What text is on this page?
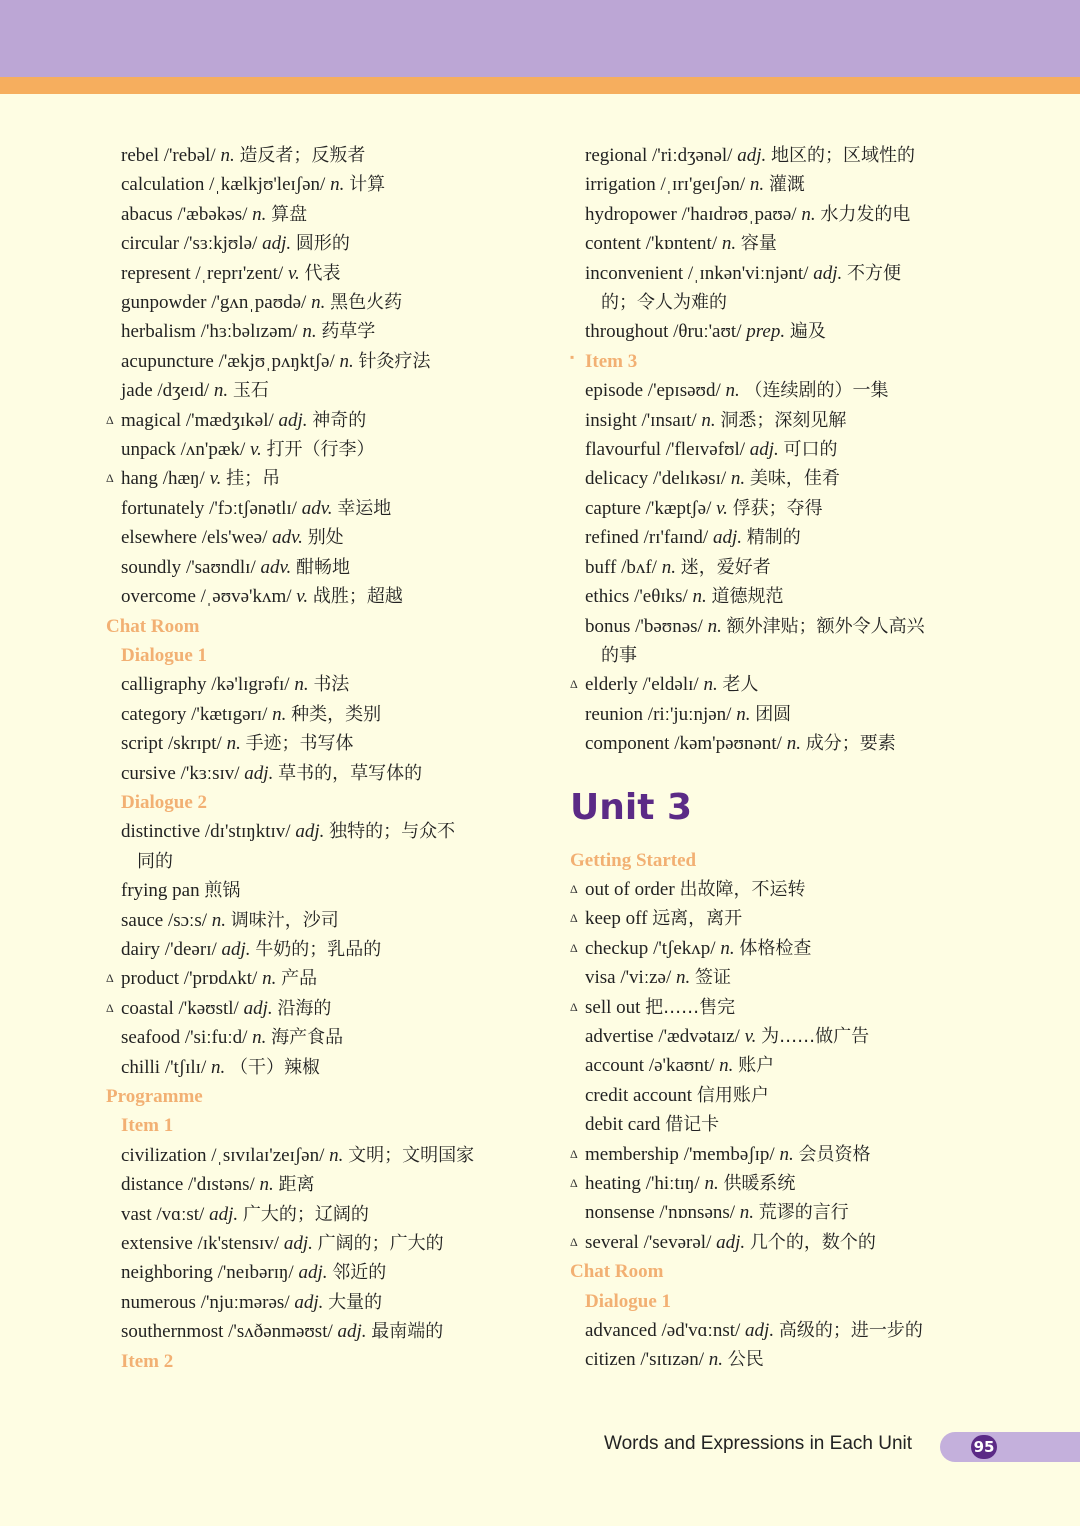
rebel /'rebəl/ n. 造反者；反叛者
calculation /ˌkælkjʊ'leɪʃən/ n. 计算
abacus /'æbəkəs/ n. 算盘
circular /'sɜːkjʊlə/ adj. 圆形的
represent /ˌreprɪ'zent/ v. 代表
gunpowder /'gʌnˌpaʊdə/ n. 黑色火药
herbalism /'hɜːbəlɪzəm/ n. 药草学
acupuncture /'ækjʊˌpʌŋktʃə/ n. 针灸疗法
jade /dʒeɪd/ n. 玉石
Δ magical /'mædʒɪkəl/ adj. 神奇的
unpack /ʌn'pæk/ v. 打开（行李）
Δ hang /hæŋ/ v. 挂；吊
fortunately /'fɔːtʃənətlɪ/ adv. 幸运地
elsewhere /els'weə/ adv. 别处
soundly /'saʊndlɪ/ adv. 酣畅地
overcome /ˌəʊvə'kʌm/ v. 战胜；超越
Chat Room
Dialogue 1
calligraphy /kə'lɪgrəfɪ/ n. 书法
category /'kætɪgərɪ/ n. 种类，类别
script /skrɪpt/ n. 手迹；书写体
cursive /'kɜːsɪv/ adj. 草书的，草写体的
Dialogue 2
distinctive /dɪ'stɪŋktɪv/ adj. 独特的；与众不
同的
frying pan 煎锅
sauce /sɔːs/ n. 调味汁，沙司
dairy /'deərɪ/ adj. 牛奶的；乳品的
Δ product /'prɒdʌkt/ n. 产品
Δ coastal /'kəʊstl/ adj. 沿海的
seafood /'siːfuːd/ n. 海产食品
chilli /'tʃɪlɪ/ n. （干）辣椒
Programme
Item 1
civilization /ˌsɪvɪlaɪ'zeɪʃən/ n. 文明；文明国家
distance /'dɪstəns/ n. 距离
vast /vɑːst/ adj. 广大的；辽阔的
extensive /ɪk'stensɪv/ adj. 广阔的；广大的
neighboring /'neɪbərɪŋ/ adj. 邻近的
numerous /'njuːmərəs/ adj. 大量的
southernmost /'sʌðənməʊst/ adj. 最南端的
Item 2
regional /'riːdʒənəl/ adj. 地区的；区域性的
irrigation /ˌɪrɪ'geɪʃən/ n. 灌溉
hydropower /'haɪdrəʊˌpaʊə/ n. 水力发的电
content /'kɒntent/ n. 容量
inconvenient /ˌɪnkən'viːnjənt/ adj. 不方便
的；令人为难的
throughout /θruː'aʊt/ prep. 遍及
▪ Item 3
episode /'epɪsəʊd/ n. （连续剧的）一集
insight /'ɪnsaɪt/ n. 洞悉；深刻见解
flavourful /'fleɪvəfʊl/ adj. 可口的
delicacy /'delɪkəsɪ/ n. 美味，佳肴
capture /'kæptʃə/ v. 俘获；夺得
refined /rɪ'faɪnd/ adj. 精制的
buff /bʌf/ n. 迷，爱好者
ethics /'eθɪks/ n. 道德规范
bonus /'bəʊnəs/ n. 额外津贴；额外令人高兴
的事
Δ elderly /'eldəlɪ/ n. 老人
reunion /riː'juːnjən/ n. 团圆
component /kəm'pəʊnənt/ n. 成分；要素
Unit 3
Getting Started
Δ out of order 出故障，不运转
Δ keep off 远离，离开
Δ checkup /'tʃekʌp/ n. 体格检查
visa /'viːzə/ n. 签证
Δ sell out 把……售完
advertise /'ædvətaɪz/ v. 为……做广告
account /ə'kaʊnt/ n. 账户
credit account 信用账户
debit card 借记卡
Δ membership /'membəʃɪp/ n. 会员资格
Δ heating /'hiːtɪŋ/ n. 供暖系统
nonsense /'nɒnsəns/ n. 荒谬的言行
Δ several /'sevərəl/ adj. 几个的，数个的
Chat Room
Dialogue 1
advanced /əd'vɑːnst/ adj. 高级的；进一步的
citizen /'sɪtɪzən/ n. 公民
Words and Expressions in Each Unit	95
